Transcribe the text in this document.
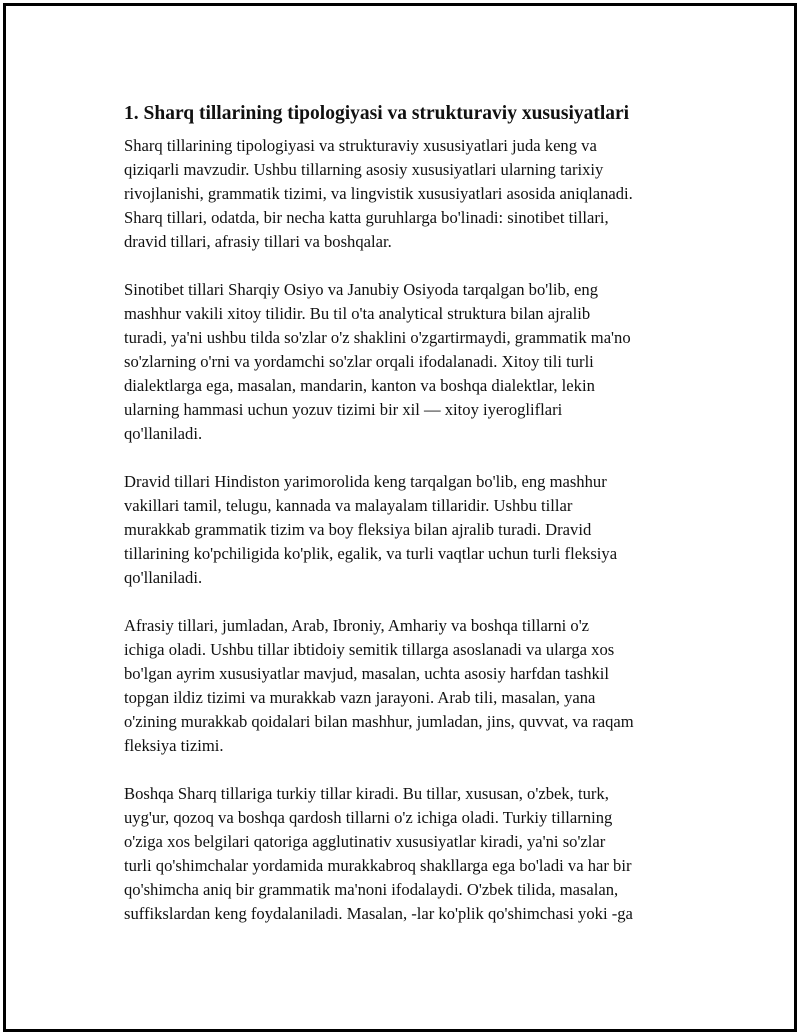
1. Sharq tillarining tipologiyasi va strukturaviy xususiyatlari

Sharq tillarining tipologiyasi va strukturaviy xususiyatlari juda keng va
qiziqarli mavzudir. Ushbu tillarning asosiy xususiyatlari ularning tarixiy
rivojlanishi, grammatik tizimi, va lingvistik xususiyatlari asosida aniqlanadi.
Sharq tillari, odatda, bir necha katta guruhlarga bo'linadi: sinotibet tillari,
dravid tillari, afrasiy tillari va boshqalar.

Sinotibet tillari Sharqiy Osiyo va Janubiy Osiyoda tarqalgan bo'lib, eng
mashhur vakili xitoy tilidir. Bu til o'ta analytical struktura bilan ajralib
turadi, ya'ni ushbu tilda so'zlar o'z shaklini o'zgartirmaydi, grammatik ma'no
so'zlarning o'rni va yordamchi so'zlar orqali ifodalanadi. Xitoy tili turli
dialektlarga ega, masalan, mandarin, kanton va boshqa dialektlar, lekin
ularning hammasi uchun yozuv tizimi bir xil — xitoy iyerogliflari
qo'llaniladi.

Dravid tillari Hindiston yarimorolida keng tarqalgan bo'lib, eng mashhur
vakillari tamil, telugu, kannada va malayalam tillaridir. Ushbu tillar
murakkab grammatik tizim va boy fleksiya bilan ajralib turadi. Dravid
tillarining ko'pchiligida ko'plik, egalik, va turli vaqtlar uchun turli fleksiya
qo'llaniladi.

Afrasiy tillari, jumladan, Arab, Ibroniy, Amhariy va boshqa tillarni o'z
ichiga oladi. Ushbu tillar ibtidoiy semitik tillarga asoslanadi va ularga xos
bo'lgan ayrim xususiyatlar mavjud, masalan, uchta asosiy harfdan tashkil
topgan ildiz tizimi va murakkab vazn jarayoni. Arab tili, masalan, yana
o'zining murakkab qoidalari bilan mashhur, jumladan, jins, quvvat, va raqam
fleksiya tizimi.

Boshqa Sharq tillariga turkiy tillar kiradi. Bu tillar, xususan, o'zbek, turk,
uyg'ur, qozoq va boshqa qardosh tillarni o'z ichiga oladi. Turkiy tillarning
o'ziga xos belgilari qatoriga agglutinativ xususiyatlar kiradi, ya'ni so'zlar
turli qo'shimchalar yordamida murakkabroq shakllarga ega bo'ladi va har bir
qo'shimcha aniq bir grammatik ma'noni ifodalaydi. O'zbek tilida, masalan,
suffikslardan keng foydalaniladi. Masalan, -lar ko'plik qo'shimchasi yoki -ga
